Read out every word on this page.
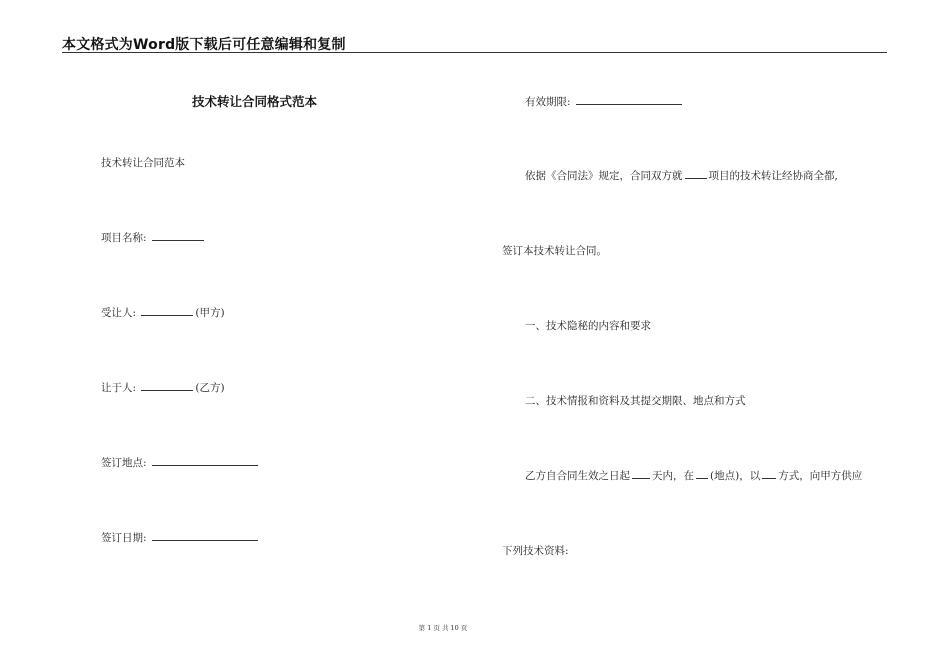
本文格式为Word版下载后可任意编辑和复制
技术转让合同格式范本
技术转让合同范本
项目名称:
受让人:	(甲方)
让于人:	(乙方)
签订地点:
签订日期:
有效期限:
依据《合同法》规定，合同双方就 项目的技术转让经协商全都,
签订本技术转让合同。
一、技术隐秘的内容和要求
二、技术情报和资料及其提交期限、地点和方式
乙方自合同生效之日起 天内，在 (地点)，以 方式，向甲方供应
下列技术资料:
第 1 页 共 10 页
